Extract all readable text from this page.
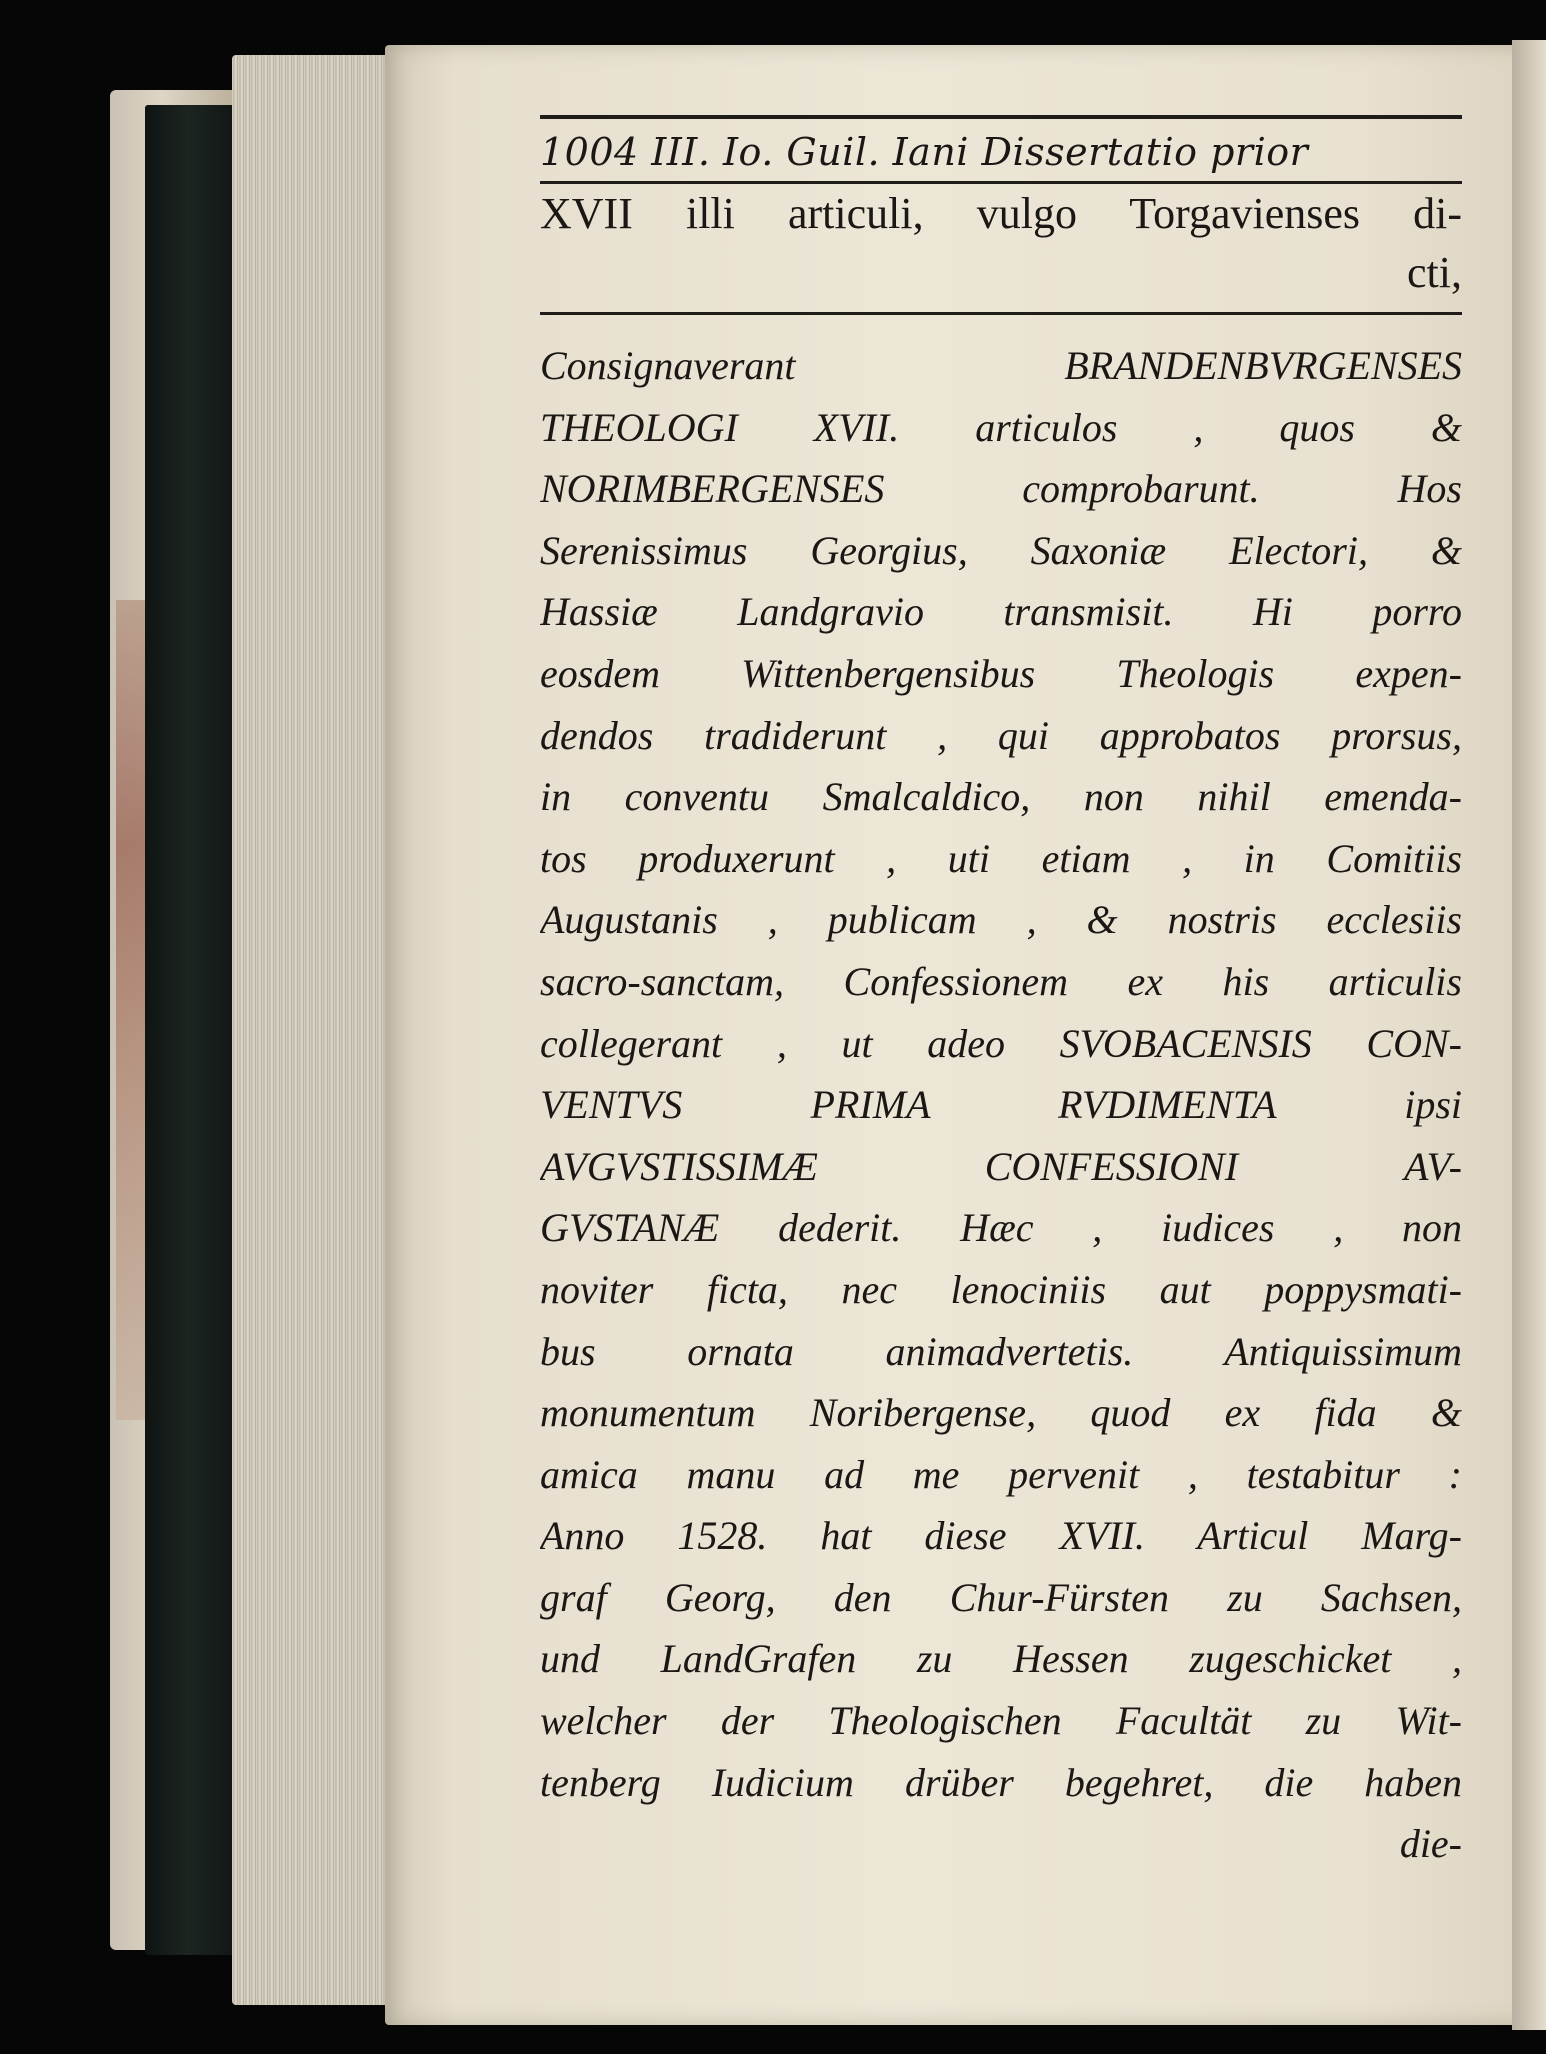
1004 III. Io. Guil. Iani Dissertatio prior
XVII illi articuli, vulgo Torgavienses di-
cti,
Consignaverant BRANDENBVRGENSES
THEOLOGI XVII. articulos , quos &
NORIMBERGENSES comprobarunt. Hos
Serenissimus Georgius, Saxoniæ Electori, &
Hassiæ Landgravio transmisit. Hi porro
eosdem Wittenbergensibus Theologis expen-
dendos tradiderunt , qui approbatos prorsus,
in conventu Smalcaldico, non nihil emenda-
tos produxerunt , uti etiam , in Comitiis
Augustanis , publicam , & nostris ecclesiis
sacro-sanctam, Confessionem ex his articulis
collegerant , ut adeo SVOBACENSIS CON-
VENTVS PRIMA RVDIMENTA ipsi
AVGVSTISSIMÆ CONFESSIONI AV-
GVSTANÆ dederit. Hæc , iudices , non
noviter ficta, nec lenociniis aut poppysmati-
bus ornata animadvertetis. Antiquissimum
monumentum Noribergense, quod ex fida &
amica manu ad me pervenit , testabitur :
Anno 1528. hat diese XVII. Articul Marg-
graf Georg, den Chur-Fürsten zu Sachsen,
und LandGrafen zu Hessen zugeschicket ,
welcher der Theologischen Facultät zu Wit-
tenberg Iudicium drüber begehret, die haben
die-
